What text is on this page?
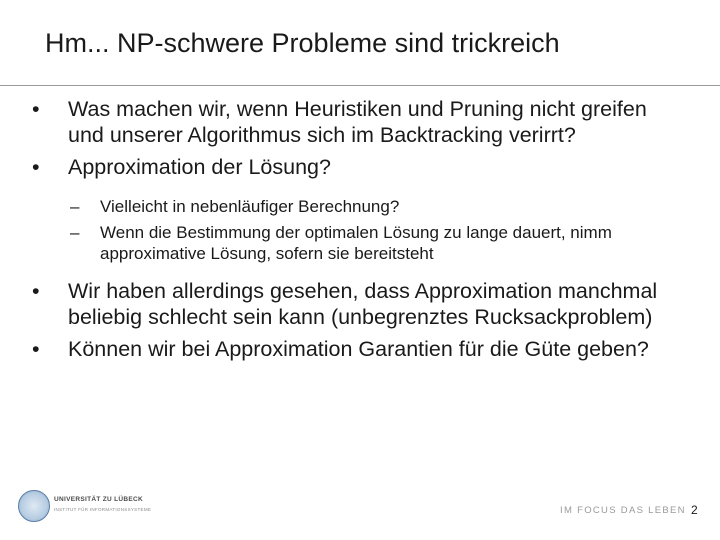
Hm... NP-schwere Probleme sind trickreich
• Was machen wir, wenn Heuristiken und Pruning nicht greifen und unserer Algorithmus sich im Backtracking verirrt?
• Approximation der Lösung?
– Vielleicht in nebenläufiger Berechnung?
– Wenn die Bestimmung der optimalen Lösung zu lange dauert, nimm approximative Lösung, sofern sie bereitsteht
• Wir haben allerdings gesehen, dass Approximation manchmal beliebig schlecht sein kann (unbegrenztes Rucksackproblem)
• Können wir bei Approximation Garantien für die Güte geben?
UNIVERSITÄT ZU LÜBECK
INSTITUT FÜR INFORMATIONSSYSTEME	IM FOCUS DAS LEBEN 2
